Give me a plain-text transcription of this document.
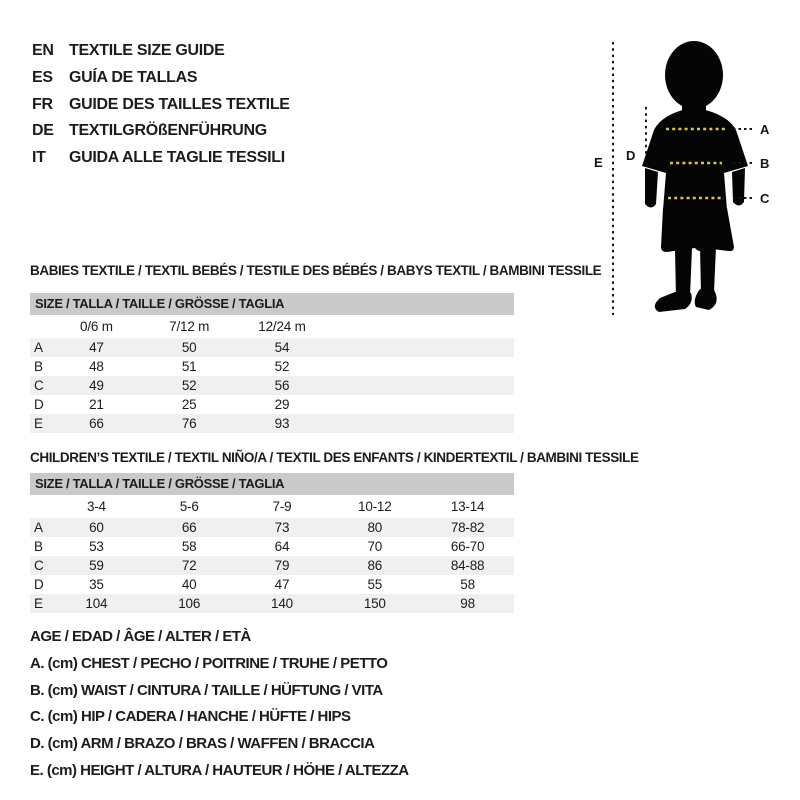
EN TEXTILE SIZE GUIDE
ES	GUÍA DE TALLAS
FR	GUIDE DES TAILLES TEXTILE
DE TEXTILGRÖßENFÜHRUNG
IT	GUIDA ALLE TAGLIE TESSILI	E D
A
B
C
BABIES TEXTILE / TEXTIL BEBÉS / TESTILE DES BÉBÉS / BABYS TEXTIL / BAMBINI TESSILE
SIZE / TALLA / TAILLE / GRÖSSE / TAGLIA
0/6 m	7/12 m	12/24 m
A	47	50	54
B	48	51	52
C	49	52	56
D	21	25	29
E	66	76	93
CHILDREN’S TEXTILE / TEXTIL NIÑO/A / TEXTIL DES ENFANTS / KINDERTEXTIL / BAMBINI TESSILE
SIZE / TALLA / TAILLE / GRÖSSE / TAGLIA
3-4	5-6	7-9	10-12	13-14
A	60	66	73	80	78-82
B	53	58	64	70	66-70
C	59	72	79	86	84-88
D	35	40	47	55	58
E	104	106	140	150	98
AGE / EDAD / ÂGE / ALTER / ETÀ
A. (cm) CHEST / PECHO / POITRINE / TRUHE / PETTO
B. (cm) WAIST / CINTURA / TAILLE / HÜFTUNG / VITA
C. (cm) HIP / CADERA / HANCHE / HÜFTE / HIPS
D. (cm) ARM / BRAZO / BRAS / WAFFEN / BRACCIA
E. (cm) HEIGHT / ALTURA / HAUTEUR / HÖHE / ALTEZZA
